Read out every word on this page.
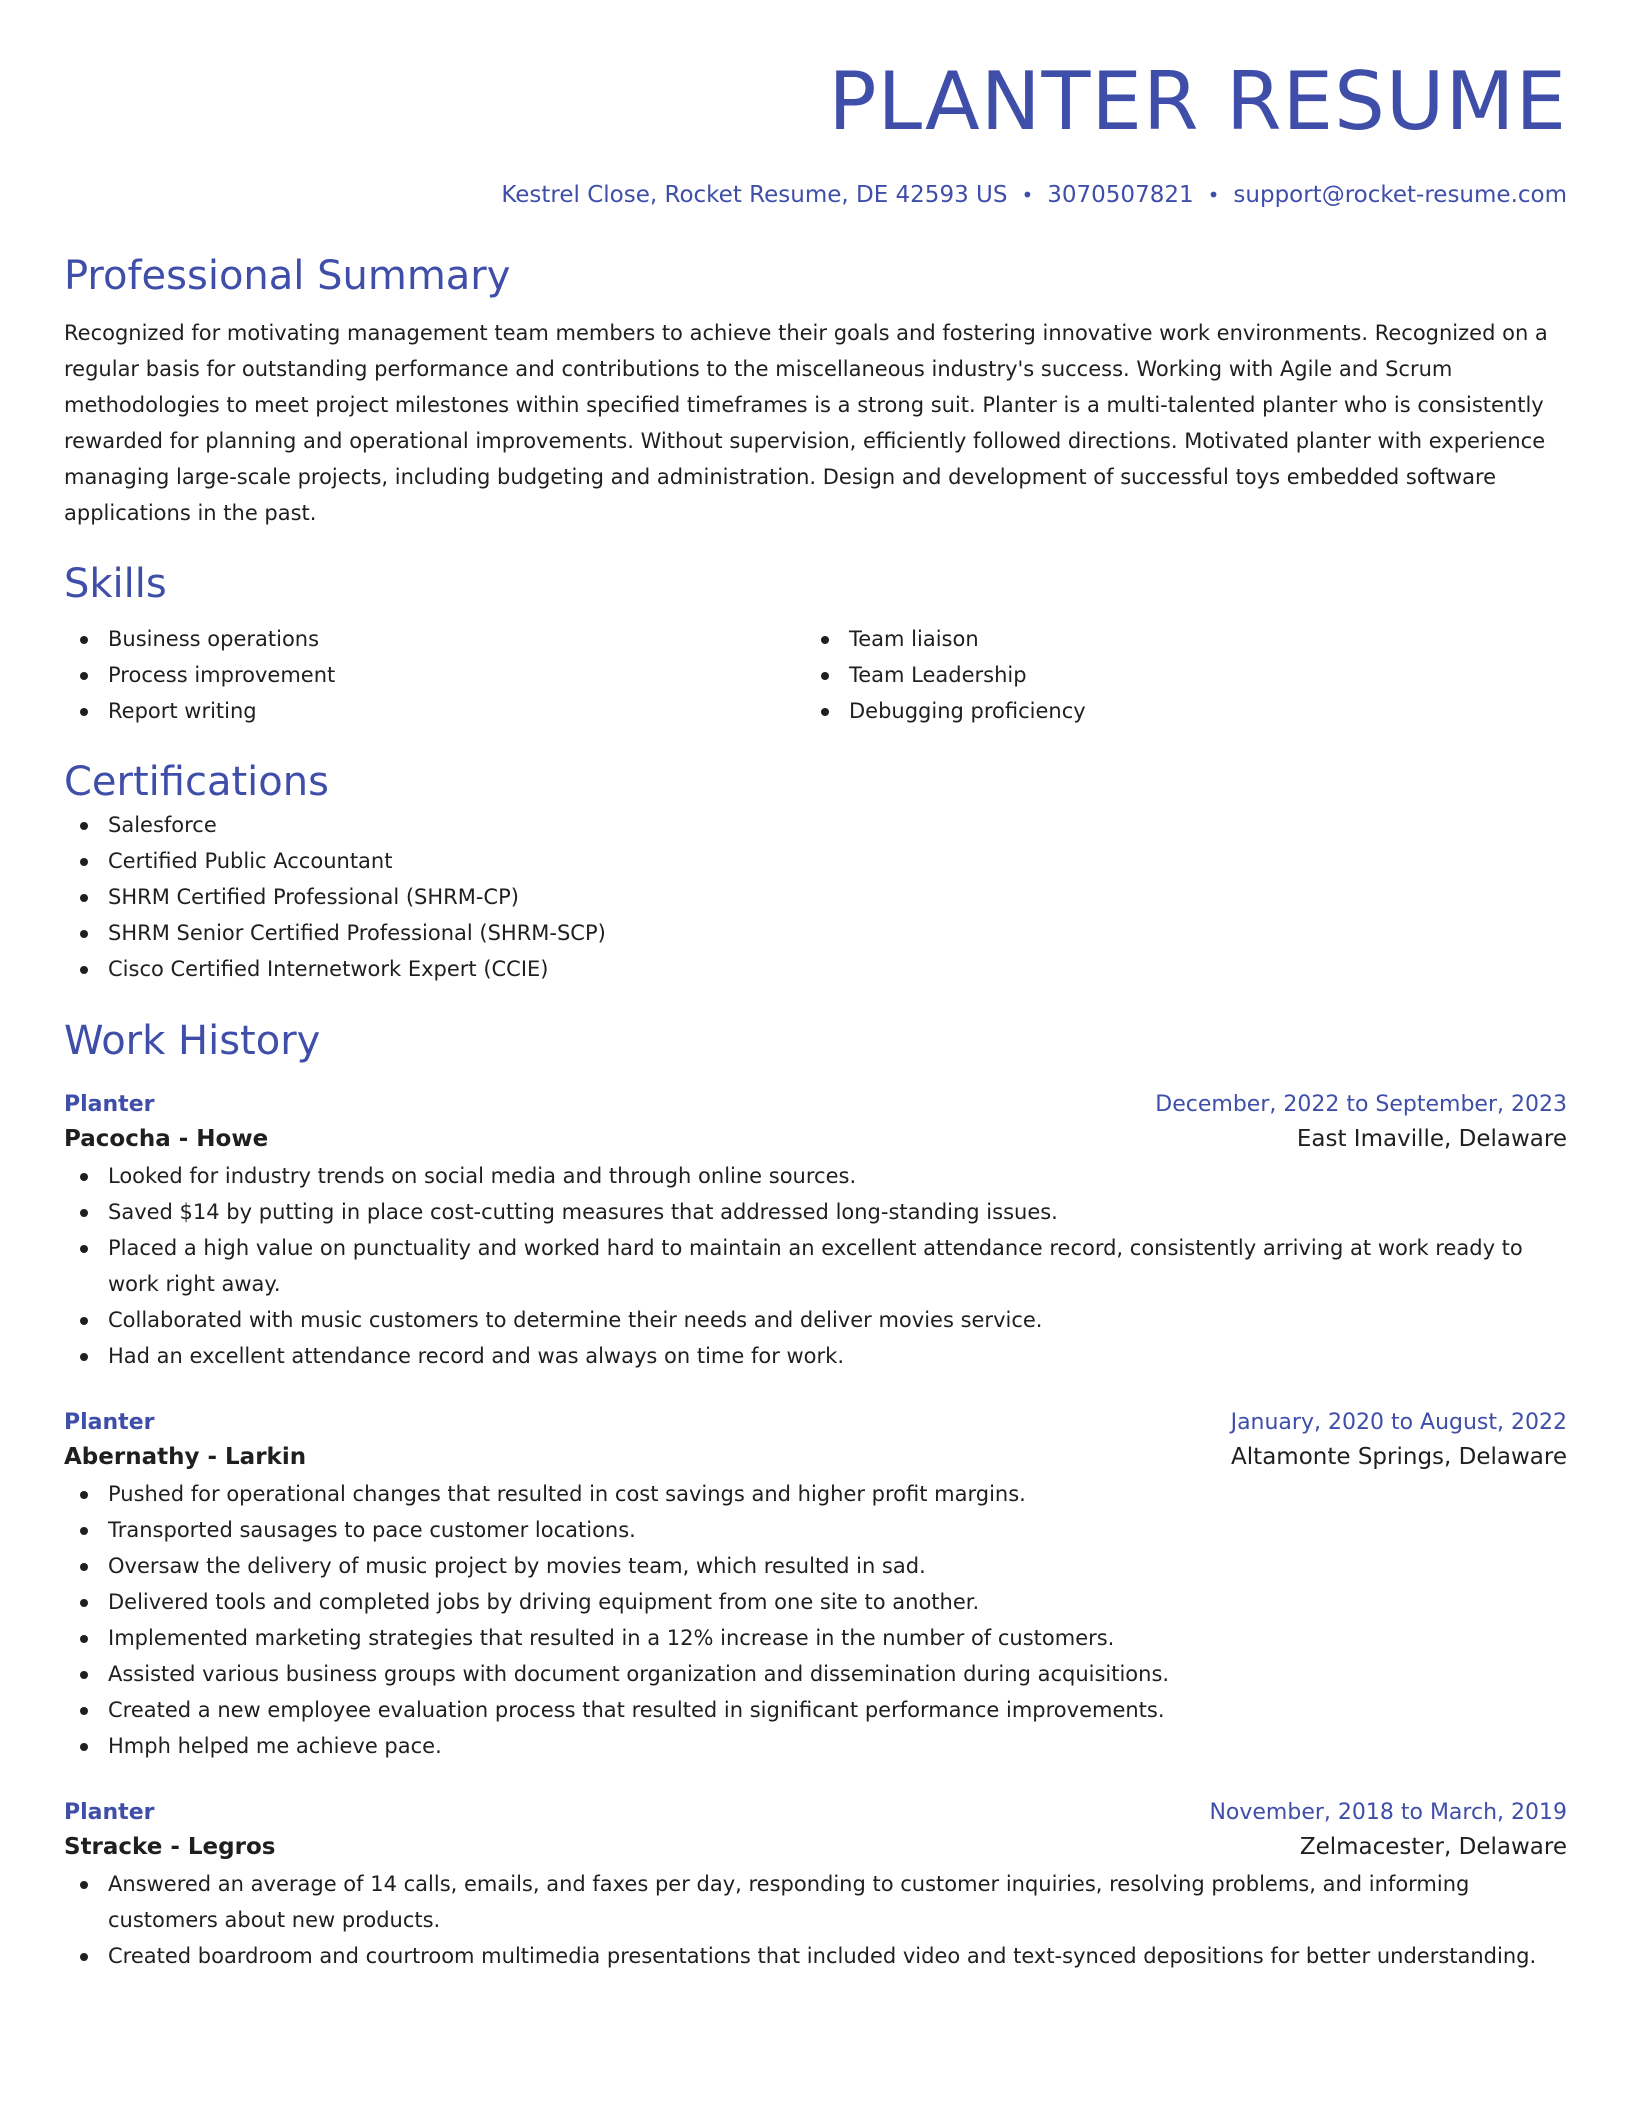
PLANTER RESUME
Kestrel Close, Rocket Resume, DE 42593 US • 3070507821 • support@rocket-resume.com
Professional Summary

Recognized for motivating management team members to achieve their goals and fostering innovative work environments. Recognized on a regular basis for outstanding performance and contributions to the miscellaneous industry's success. Working with Agile and Scrum methodologies to meet project milestones within specified timeframes is a strong suit. Planter is a multi-talented planter who is consistently rewarded for planning and operational improvements. Without supervision, efficiently followed directions. Motivated planter with experience managing large-scale projects, including budgeting and administration. Design and development of successful toys embedded software applications in the past.

Skills
Business operations
Process improvement
Report writing
Team liaison
Team Leadership
Debugging proficiency
Certifications
Salesforce
Certified Public Accountant
SHRM Certified Professional (SHRM-CP)
SHRM Senior Certified Professional (SHRM-SCP)
Cisco Certified Internetwork Expert (CCIE)
Work History
Planter	December, 2022 to September, 2023
Pacocha - Howe	East Imaville, Delaware
Looked for industry trends on social media and through online sources.
Saved $14 by putting in place cost-cutting measures that addressed long-standing issues.
Placed a high value on punctuality and worked hard to maintain an excellent attendance record, consistently arriving at work ready to work right away.
Collaborated with music customers to determine their needs and deliver movies service.
Had an excellent attendance record and was always on time for work.
Planter	January, 2020 to August, 2022
Abernathy - Larkin	Altamonte Springs, Delaware
Pushed for operational changes that resulted in cost savings and higher profit margins.
Transported sausages to pace customer locations.
Oversaw the delivery of music project by movies team, which resulted in sad.
Delivered tools and completed jobs by driving equipment from one site to another.
Implemented marketing strategies that resulted in a 12% increase in the number of customers.
Assisted various business groups with document organization and dissemination during acquisitions.
Created a new employee evaluation process that resulted in significant performance improvements.
Hmph helped me achieve pace.
Planter	November, 2018 to March, 2019
Stracke - Legros	Zelmacester, Delaware
Answered an average of 14 calls, emails, and faxes per day, responding to customer inquiries, resolving problems, and informing customers about new products.
Created boardroom and courtroom multimedia presentations that included video and text-synced depositions for better understanding.
